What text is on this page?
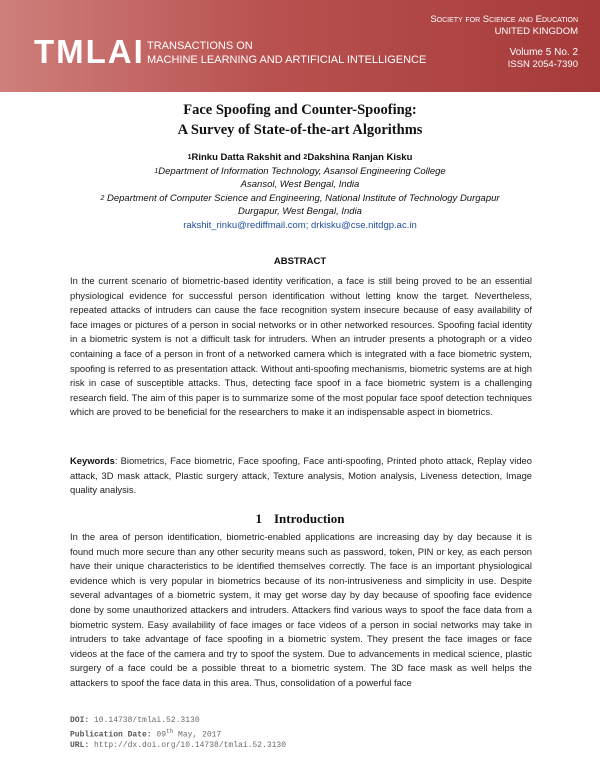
TMLAI TRANSACTIONS ON
MACHINE LEARNING AND ARTIFICIAL INTELLIGENCE
Society for Science and Education
UNITED KINGDOM
Volume 5 No. 2
ISSN 2054-7390
Face Spoofing and Counter-Spoofing:
A Survey of State-of-the-art Algorithms
$^1$Rinku Datta Rakshit and $^2$Dakshina Ranjan Kisku
$^1$Department of Information Technology, Asansol Engineering College
Asansol, West Bengal, India
$^2$ Department of Computer Science and Engineering, National Institute of Technology Durgapur
Durgapur, West Bengal, India
rakshit_rinku@rediffmail.com; drkisku@cse.nitdgp.ac.in
ABSTRACT

In the current scenario of biometric-based identity verification, a face is still being proved to be an essential physiological evidence for successful person identification without letting know the target. Nevertheless, repeated attacks of intruders can cause the face recognition system insecure because of easy availability of face images or pictures of a person in social networks or in other networked resources. Spoofing facial identity in a biometric system is not a difficult task for intruders. When an intruder presents a photograph or a video containing a face of a person in front of a networked camera which is integrated with a face biometric system, spoofing is referred to as presentation attack. Without anti-spoofing mechanisms, biometric systems are at high risk in case of susceptible attacks. Thus, detecting face spoof in a face biometric system is a challenging research field. The aim of this paper is to summarize some of the most popular face spoof detection techniques which are proved to be beneficial for the researchers to make it an indispensable aspect in biometrics.

Keywords: Biometrics, Face biometric, Face spoofing, Face anti-spoofing, Printed photo attack, Replay video attack, 3D mask attack, Plastic surgery attack, Texture analysis, Motion analysis, Liveness detection, Image quality analysis.

1 Introduction

In the area of person identification, biometric-enabled applications are increasing day by day because it is found much more secure than any other security means such as password, token, PIN or key, as each person have their unique characteristics to be identified themselves correctly. The face is an important physiological evidence which is very popular in biometrics because of its non-intrusiveness and simplicity in use. Despite several advantages of a biometric system, it may get worse day by day because of spoofing face evidence done by some unauthorized attackers and intruders. Attackers find various ways to spoof the face data from a biometric system. Easy availability of face images or face videos of a person in social networks may take in intruders to take advantage of face spoofing in a biometric system. They present the face images or face videos at the face of the camera and try to spoof the system. Due to advancements in medical science, plastic surgery of a face could be a possible threat to a biometric system. The 3D face mask as well helps the attackers to spoof the face data in this area. Thus, consolidation of a powerful face

DOI: 10.14738/tmlai.52.3130
Publication Date: 09th May, 2017
URL: http://dx.doi.org/10.14738/tmlai.52.3130
